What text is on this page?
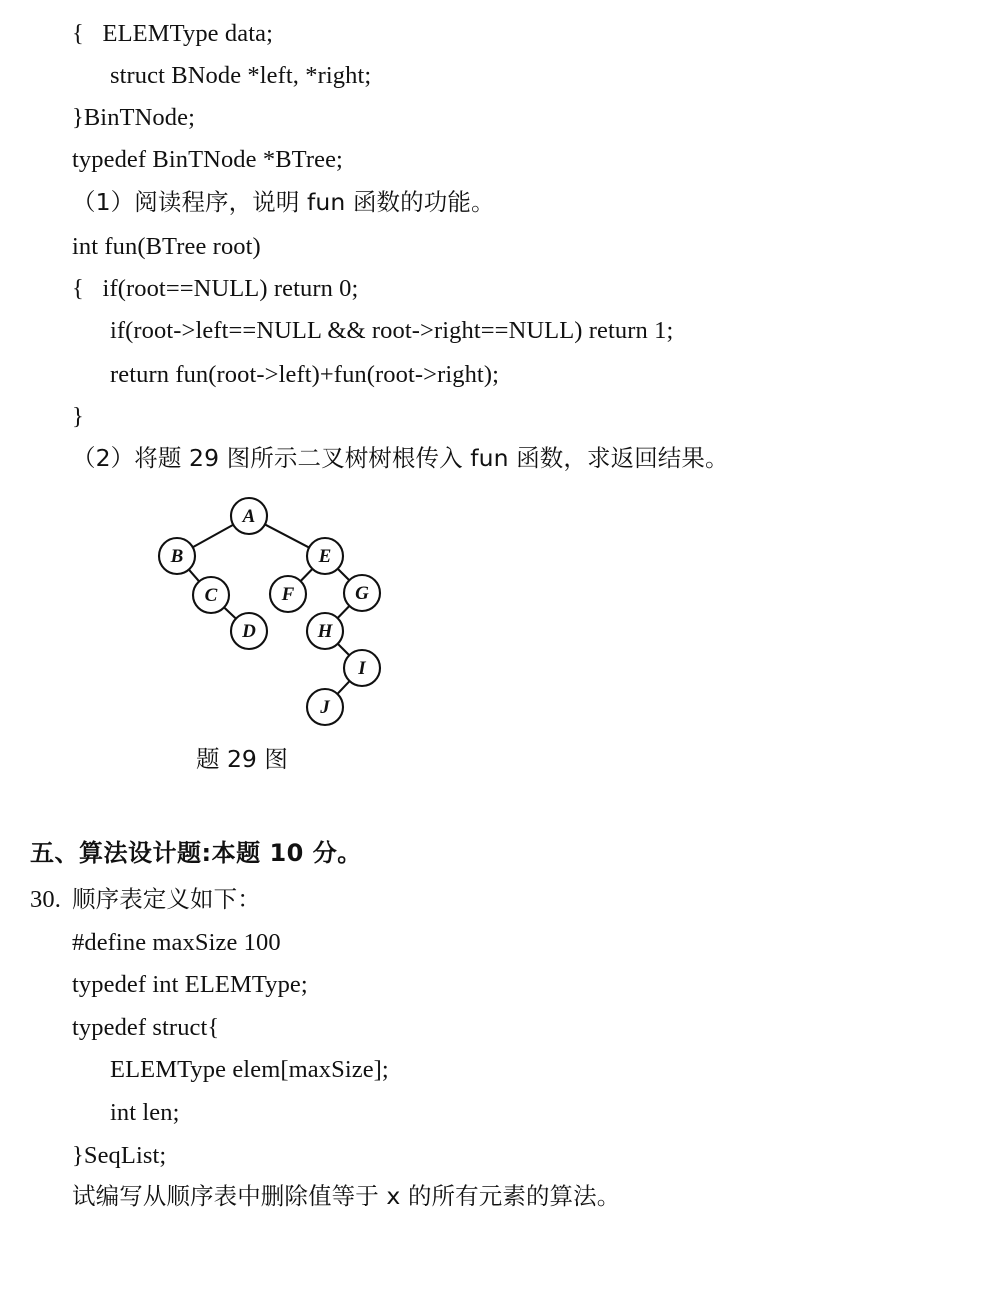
{   ELEMType data;
struct BNode *left, *right;
}BinTNode;
typedef BinTNode *BTree;
（1）阅读程序，说明 fun 函数的功能。
int fun(BTree root)
{   if(root==NULL) return 0;
if(root->left==NULL && root->right==NULL) return 1;
return fun(root->left)+fun(root->right);
}
（2）将题 29 图所示二叉树树根传入 fun 函数，求返回结果。
A
B
C
D
E
F	G
H
I
J
题 29 图
五、算法设计题:本题 10 分。
30. 顺序表定义如下：
#define maxSize 100
typedef int ELEMType;
typedef struct{
ELEMType elem[maxSize];
int len;
}SeqList;
试编写从顺序表中删除值等于 x 的所有元素的算法。
